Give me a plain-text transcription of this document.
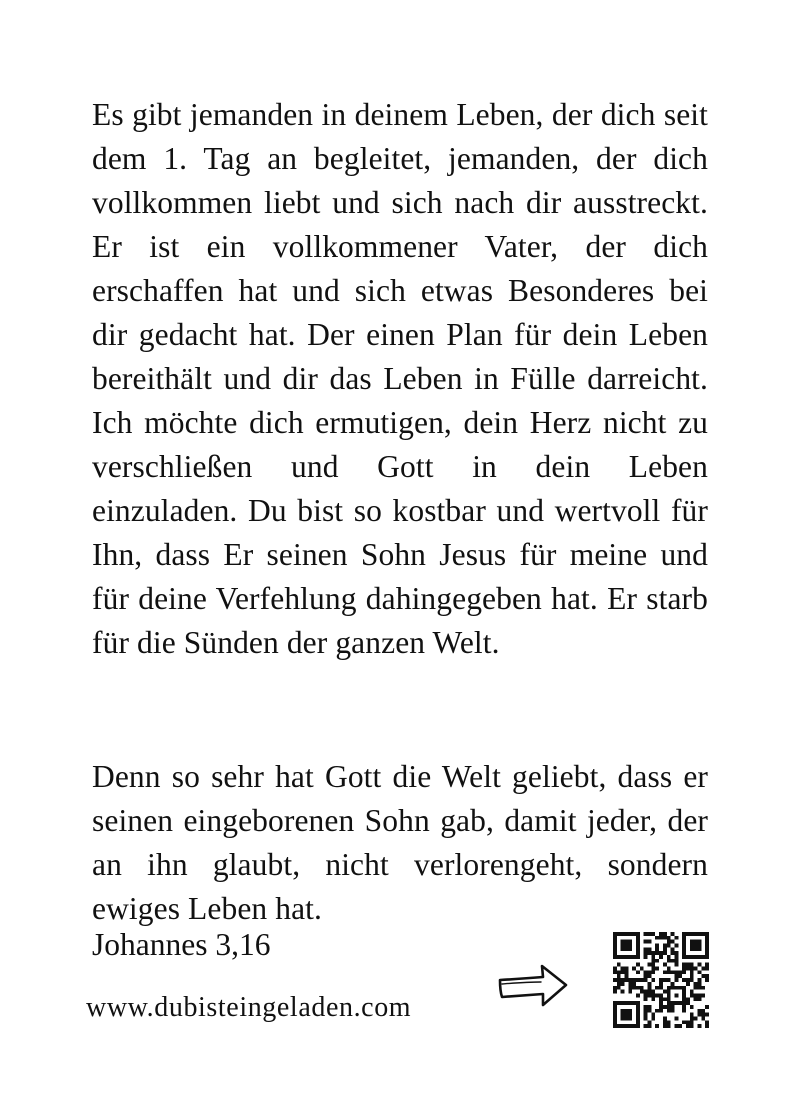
Es gibt jemanden in deinem Leben, der dich seit dem 1. Tag an begleitet, jemanden, der dich vollkommen liebt und sich nach dir ausstreckt. Er ist ein vollkommener Vater, der dich erschaffen hat und sich etwas Besonderes bei dir gedacht hat. Der einen Plan für dein Leben bereithält und dir das Leben in Fülle darreicht. Ich möchte dich ermutigen, dein Herz nicht zu verschließen und Gott in dein Leben einzuladen. Du bist so kostbar und wertvoll für Ihn, dass Er seinen Sohn Jesus für meine und für deine Verfehlung dahingegeben hat. Er starb für die Sünden der ganzen Welt.

Denn so sehr hat Gott die Welt geliebt, dass er seinen eingeborenen Sohn gab, damit jeder, der an ihn glaubt, nicht verlorengeht, sondern ewiges Leben hat.

Johannes 3,16

www.dubisteingeladen.com
